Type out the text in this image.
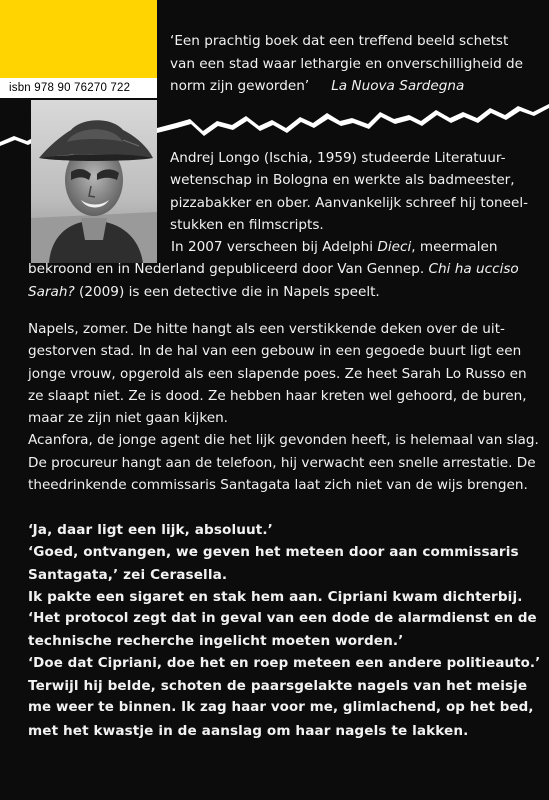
isbn 978 90 76270 722
‘Een prachtig boek dat een treffend beeld schetst
van een stad waar lethargie en onverschilligheid de
norm zijn geworden’ La Nuova Sardegna
Andrej Longo (Ischia, 1959) studeerde Literatuur-
wetenschap in Bologna en werkte als badmeester,
pizzabakker en ober. Aanvankelijk schreef hij toneel-
stukken en filmscripts.
In 2007 verscheen bij Adelphi Dieci, meermalen
bekroond en in Nederland gepubliceerd door Van Gennep. Chi ha ucciso
Sarah? (2009) is een detective die in Napels speelt.
Napels, zomer. De hitte hangt als een verstikkende deken over de uit-
gestorven stad. In de hal van een gebouw in een gegoede buurt ligt een
jonge vrouw, opgerold als een slapende poes. Ze heet Sarah Lo Russo en
ze slaapt niet. Ze is dood. Ze hebben haar kreten wel gehoord, de buren,
maar ze zijn niet gaan kijken.
Acanfora, de jonge agent die het lijk gevonden heeft, is helemaal van slag.
De procureur hangt aan de telefoon, hij verwacht een snelle arrestatie. De
theedrinkende commissaris Santagata laat zich niet van de wijs brengen.
‘Ja, daar ligt een lijk, absoluut.’
‘Goed, ontvangen, we geven het meteen door aan commissaris
Santagata,’ zei Cerasella.
Ik pakte een sigaret en stak hem aan. Cipriani kwam dichterbij.
‘Het protocol zegt dat in geval van een dode de alarmdienst en de
technische recherche ingelicht moeten worden.’
‘Doe dat Cipriani, doe het en roep meteen een andere politieauto.’
Terwijl hij belde, schoten de paarsgelakte nagels van het meisje
me weer te binnen. Ik zag haar voor me, glimlachend, op het bed,
met het kwastje in de aanslag om haar nagels te lakken.
